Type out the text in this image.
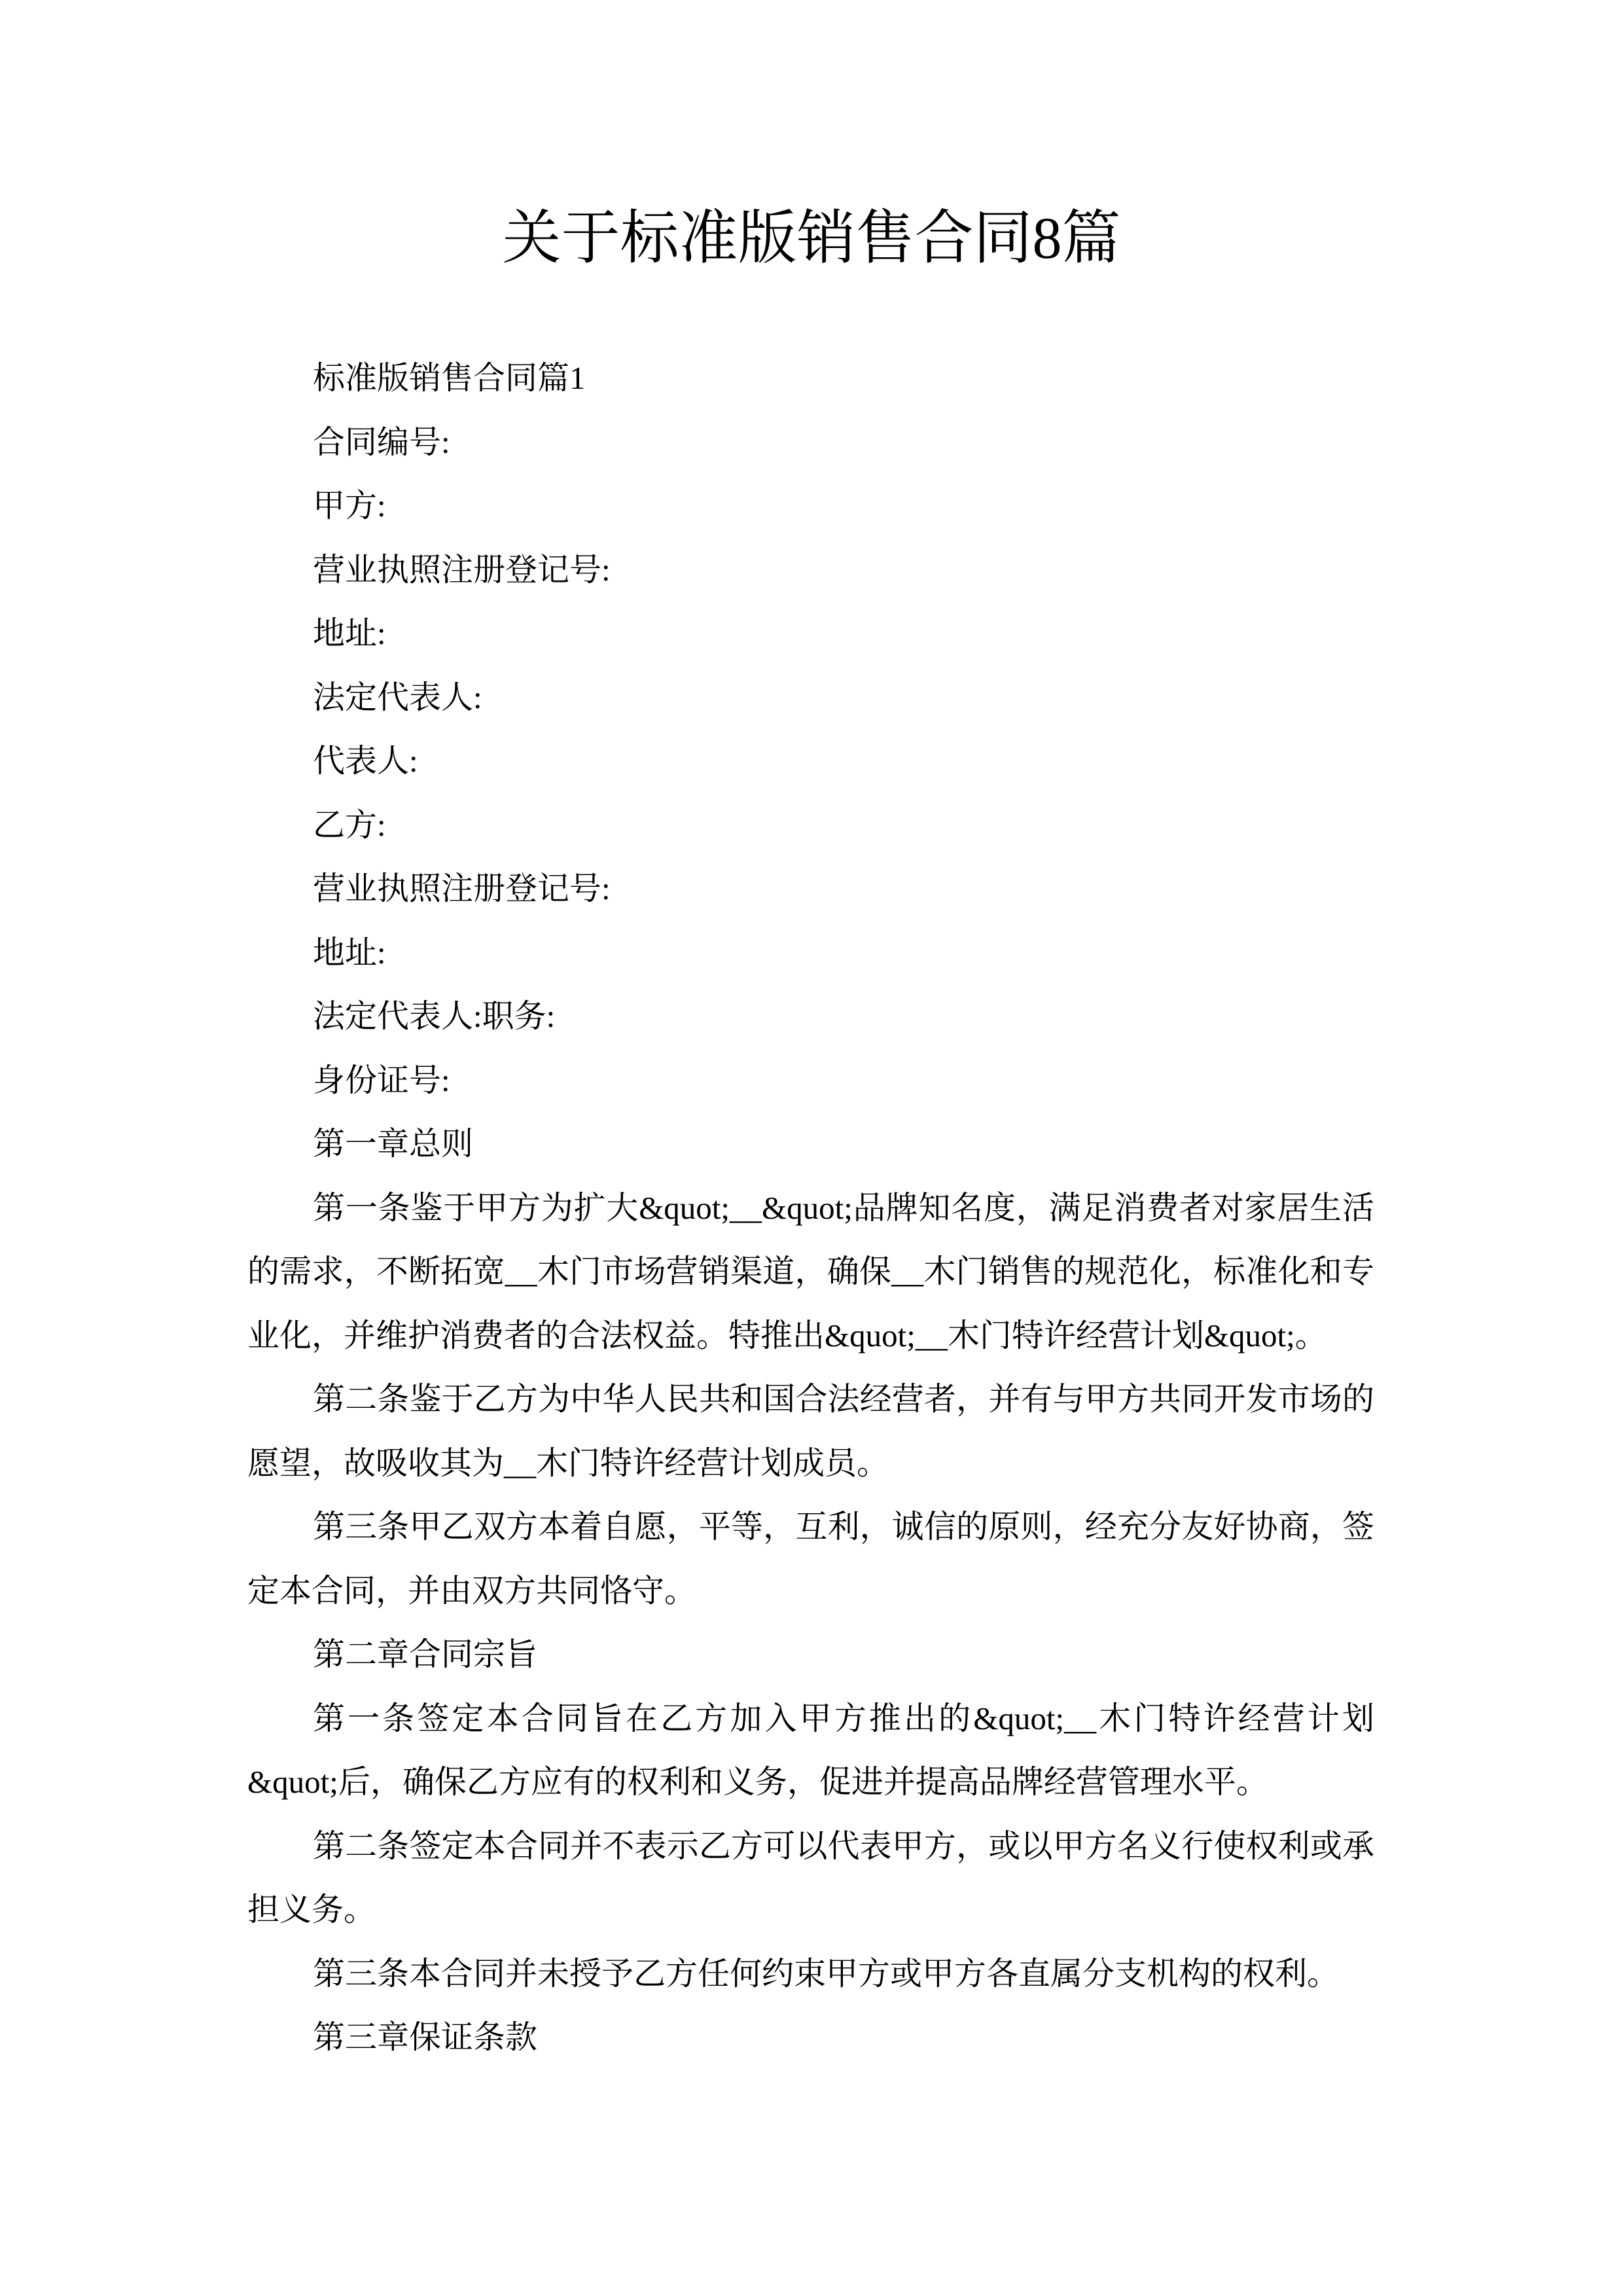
关于标准版销售合同8篇
标准版销售合同篇1
合同编号:
甲方:
营业执照注册登记号:
地址:
法定代表人:
代表人:
乙方:
营业执照注册登记号:
地址:
法定代表人:职务:
身份证号:
第一章总则
第一条鉴于甲方为扩大&quot;__&quot;品牌知名度，满足消费者对家居生活
的需求，不断拓宽__木门市场营销渠道，确保__木门销售的规范化，标准化和专
业化，并维护消费者的合法权益。特推出&quot;__木门特许经营计划&quot;。
第二条鉴于乙方为中华人民共和国合法经营者，并有与甲方共同开发市场的
愿望，故吸收其为__木门特许经营计划成员。
第三条甲乙双方本着自愿，平等，互利，诚信的原则，经充分友好协商，签
定本合同，并由双方共同恪守。
第二章合同宗旨
第一条签定本合同旨在乙方加入甲方推出的&quot;__木门特许经营计划
&quot;后，确保乙方应有的权利和义务，促进并提高品牌经营管理水平。
第二条签定本合同并不表示乙方可以代表甲方，或以甲方名义行使权利或承
担义务。
第三条本合同并未授予乙方任何约束甲方或甲方各直属分支机构的权利。
第三章保证条款
